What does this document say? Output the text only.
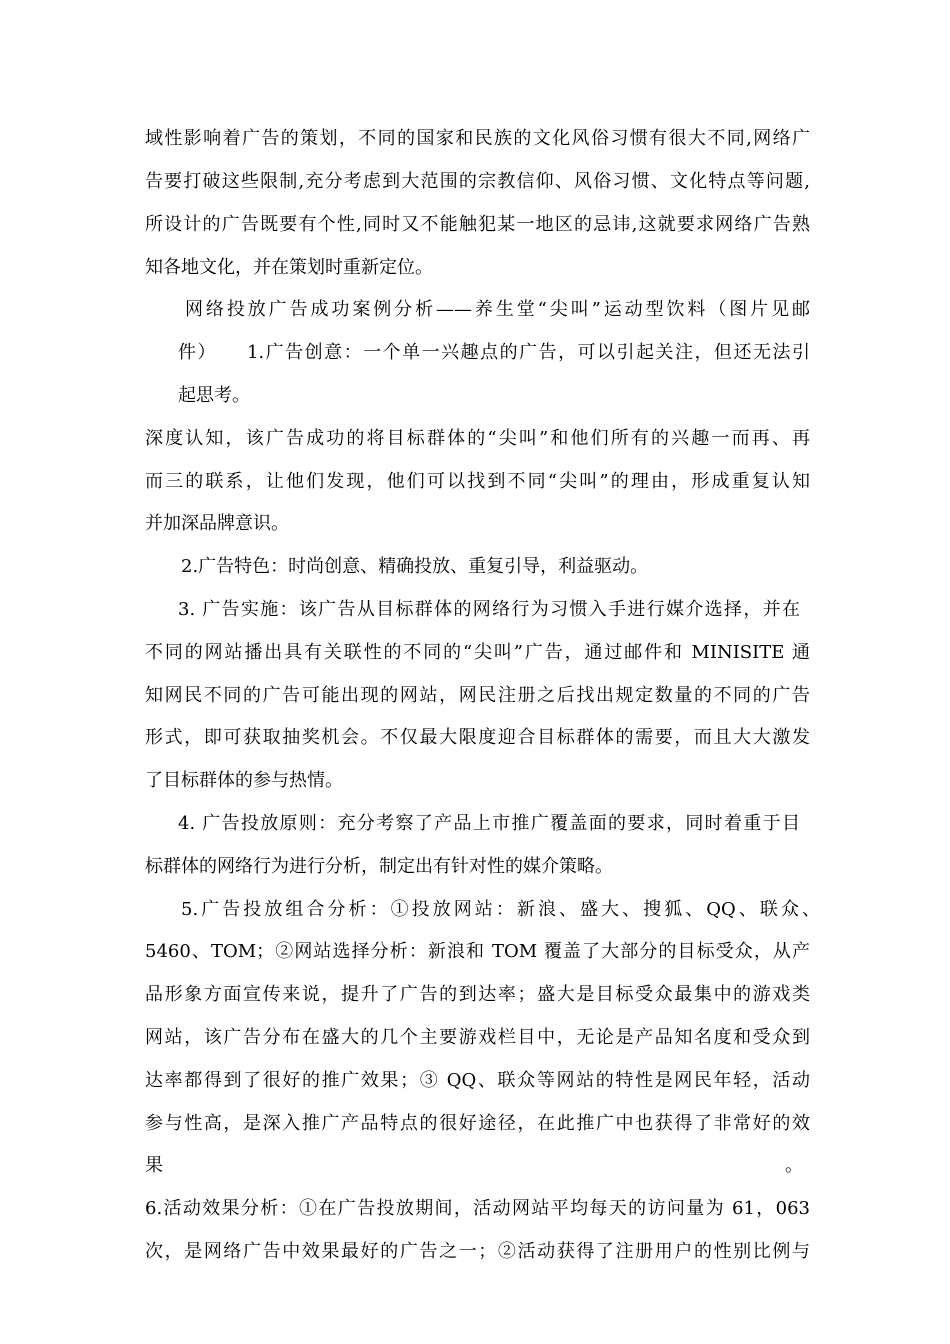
域性影响着广告的策划，不同的国家和民族的文化风俗习惯有很大不同,网络广
告要打破这些限制,充分考虑到大范围的宗教信仰、风俗习惯、文化特点等问题,
所设计的广告既要有个性,同时又不能触犯某一地区的忌讳,这就要求网络广告熟
知各地文化，并在策划时重新定位。
网络投放广告成功案例分析——养生堂“尖叫”运动型饮料（图片见邮
件）　　1.广告创意：一个单一兴趣点的广告，可以引起关注，但还无法引
起思考。
深度认知，该广告成功的将目标群体的“尖叫”和他们所有的兴趣一而再、再
而三的联系，让他们发现，他们可以找到不同“尖叫”的理由，形成重复认知
并加深品牌意识。
2.广告特色：时尚创意、精确投放、重复引导，利益驱动。
3. 广告实施：该广告从目标群体的网络行为习惯入手进行媒介选择，并在
不同的网站播出具有关联性的不同的“尖叫”广告，通过邮件和 MINISITE 通
知网民不同的广告可能出现的网站，网民注册之后找出规定数量的不同的广告
形式，即可获取抽奖机会。不仅最大限度迎合目标群体的需要，而且大大激发
了目标群体的参与热情。
4. 广告投放原则：充分考察了产品上市推广覆盖面的要求，同时着重于目
标群体的网络行为进行分析，制定出有针对性的媒介策略。
5.广告投放组合分析：①投放网站：新浪、盛大、搜狐、QQ、联众、
5460、TOM；②网站选择分析：新浪和 TOM 覆盖了大部分的目标受众，从产
品形象方面宣传来说，提升了广告的到达率；盛大是目标受众最集中的游戏类
网站，该广告分布在盛大的几个主要游戏栏目中，无论是产品知名度和受众到
达率都得到了很好的推广效果；③ QQ、联众等网站的特性是网民年轻，活动
参与性高，是深入推广产品特点的很好途径，在此推广中也获得了非常好的效
果	。
6.活动效果分析：①在广告投放期间，活动网站平均每天的访问量为 61，063
次，是网络广告中效果最好的广告之一；②活动获得了注册用户的性别比例与
